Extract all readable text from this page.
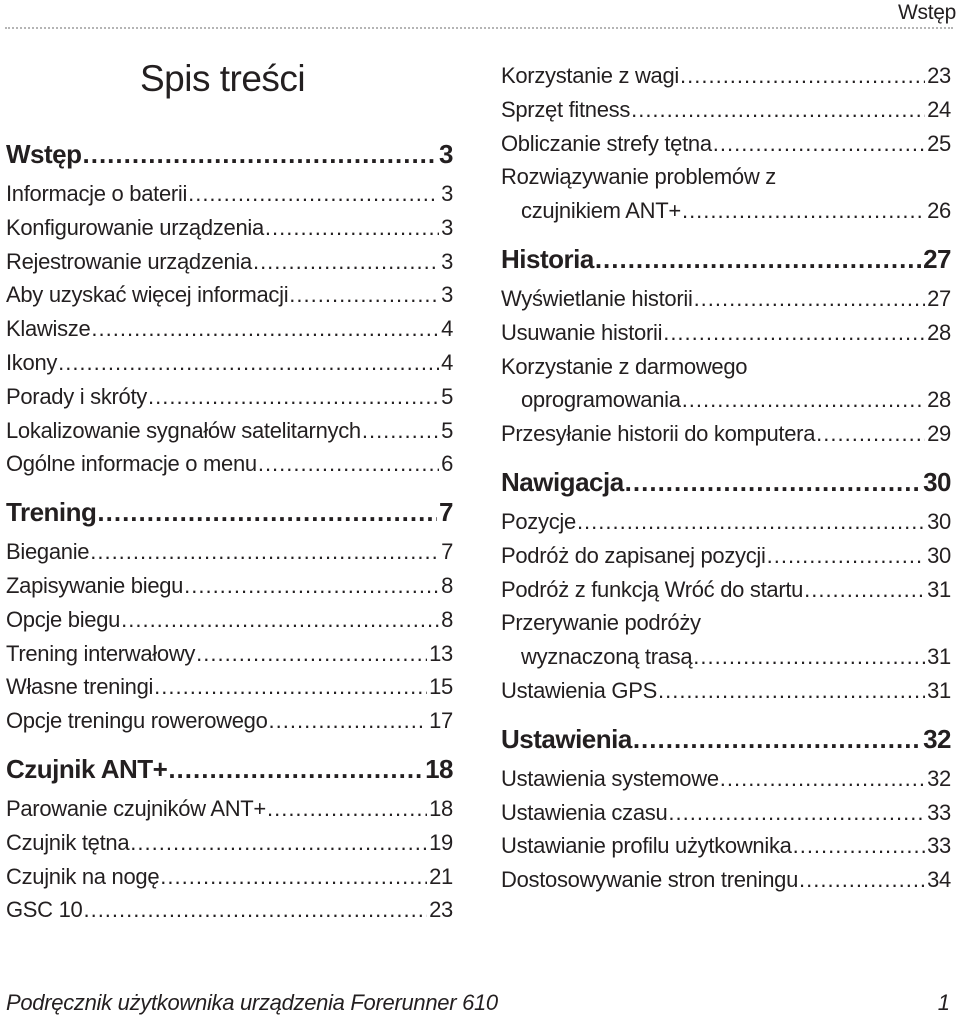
Wstęp
Spis treści
Wstęp .....	3
Informacje o baterii .....	3
Konfigurowanie urządzenia .....	3
Rejestrowanie urządzenia .....	3
Aby uzyskać więcej informacji .....	3
Klawisze .....	4
Ikony .....	4
Porady i skróty .....	5
Lokalizowanie sygnałów satelitarnych .....	5
Ogólne informacje o menu .....	6
Trening .....	7
Bieganie .....	7
Zapisywanie biegu .....	8
Opcje biegu .....	8
Trening interwałowy .....	13
Własne treningi .....	15
Opcje treningu rowerowego .....	17
Czujnik ANT+ .....	18
Parowanie czujników ANT+ .....	18
Czujnik tętna .....	19
Czujnik na nogę .....	21
GSC 10 .....	23
Korzystanie z wagi .....	23
Sprzęt fitness .....	24
Obliczanie strefy tętna .....	25
Rozwiązywanie problemów z
czujnikiem ANT+ .....	26
Historia .....	27
Wyświetlanie historii .....	27
Usuwanie historii .....	28
Korzystanie z darmowego
oprogramowania .....	28
Przesyłanie historii do komputera .....	29
Nawigacja .....	30
Pozycje .....	30
Podróż do zapisanej pozycji .....	30
Podróż z funkcją Wróć do startu .....	31
Przerywanie podróży
wyznaczoną trasą .....	31
Ustawienia GPS .....	31
Ustawienia .....	32
Ustawienia systemowe .....	32
Ustawienia czasu .....	33
Ustawianie profilu użytkownika .....	33
Dostosowywanie stron treningu .....	34
Podręcznik użytkownika urządzenia Forerunner 610	1
